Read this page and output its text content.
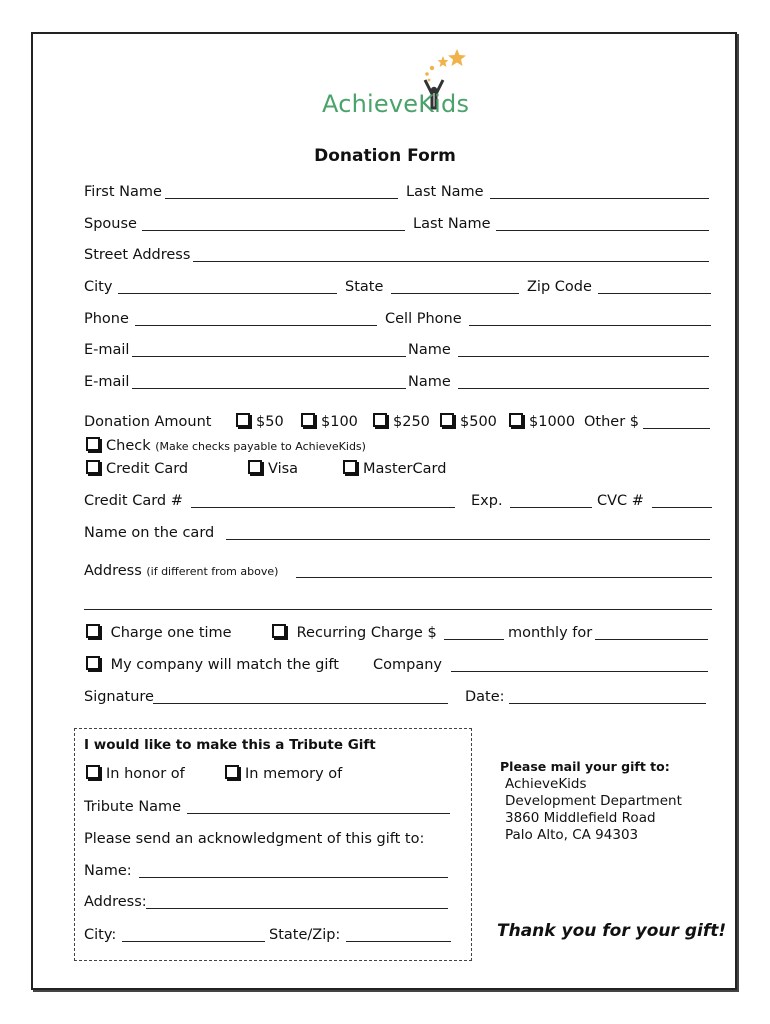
AchieveKids
Donation Form
First Name	Last Name
Spouse	Last Name
Street Address
City	State	Zip Code
Phone	Cell Phone
E-mail	Name
E-mail	Name
Donation Amount	$50	$100	$250	$500	$1000 Other $
Check (Make checks payable to AchieveKids)
Credit Card	Visa	MasterCard
Credit Card #	Exp.	CVC #
Name on the card
Address (if different from above)
Charge one time	Recurring Charge $	monthly for
My company will match the gift Company
Signature	Date:
I would like to make this a Tribute Gift
In honor of	In memory of
Tribute Name
Please send an acknowledgment of this gift to:
Name:
Address:
City:	State/Zip:
Please mail your gift to:
AchieveKids
Development Department
3860 Middlefield Road
Palo Alto, CA 94303
Thank you for your gift!
